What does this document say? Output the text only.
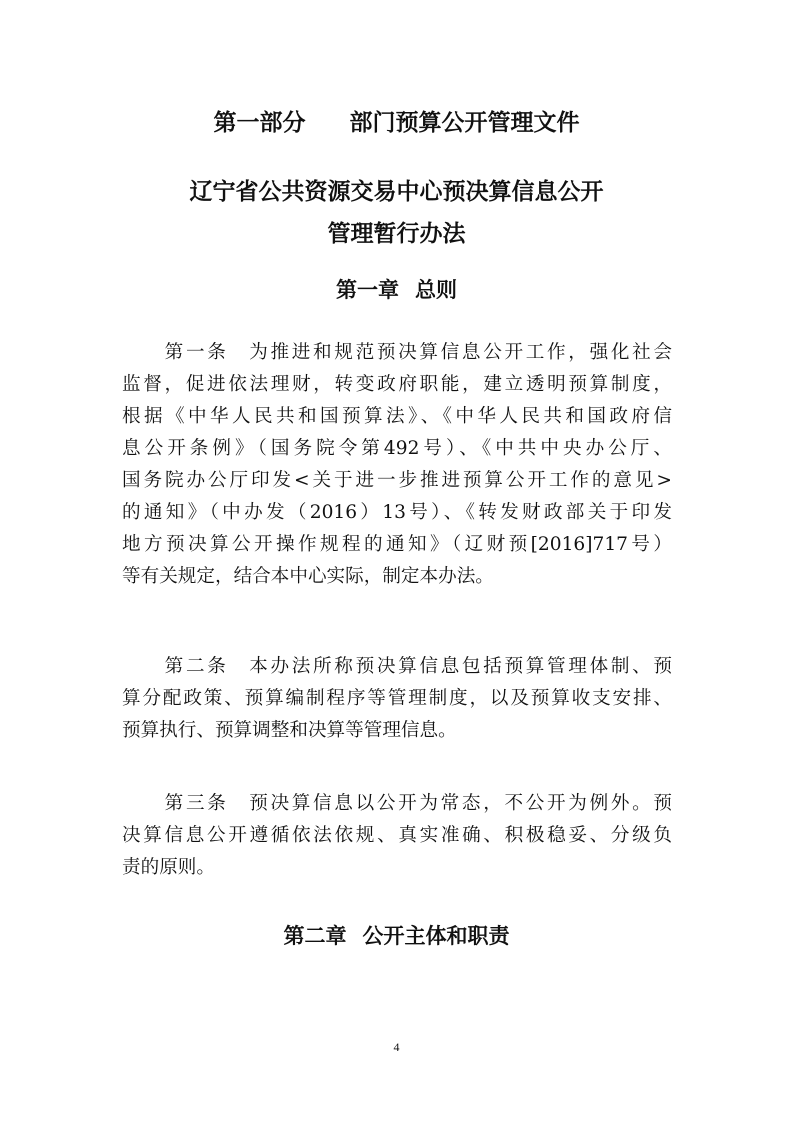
第一部分 部门预算公开管理文件
辽宁省公共资源交易中心预决算信息公开
管理暂行办法
第一章 总则
第一条 为推进和规范预决算信息公开工作，强化社会
监督，促进依法理财，转变政府职能，建立透明预算制度，
根据《中华人民共和国预算法》、《中华人民共和国政府信
息公开条例》（国务院令第492号）、《中共中央办公厅、
国务院办公厅印发<关于进一步推进预算公开工作的意见>
的通知》（中办发（2016）13号）、《转发财政部关于印发
地方预决算公开操作规程的通知》（辽财预[2016]717号）
等有关规定，结合本中心实际，制定本办法。
第二条 本办法所称预决算信息包括预算管理体制、预
算分配政策、预算编制程序等管理制度，以及预算收支安排、
预算执行、预算调整和决算等管理信息。
第三条 预决算信息以公开为常态，不公开为例外。预
决算信息公开遵循依法依规、真实准确、积极稳妥、分级负
责的原则。
第二章 公开主体和职责
4
